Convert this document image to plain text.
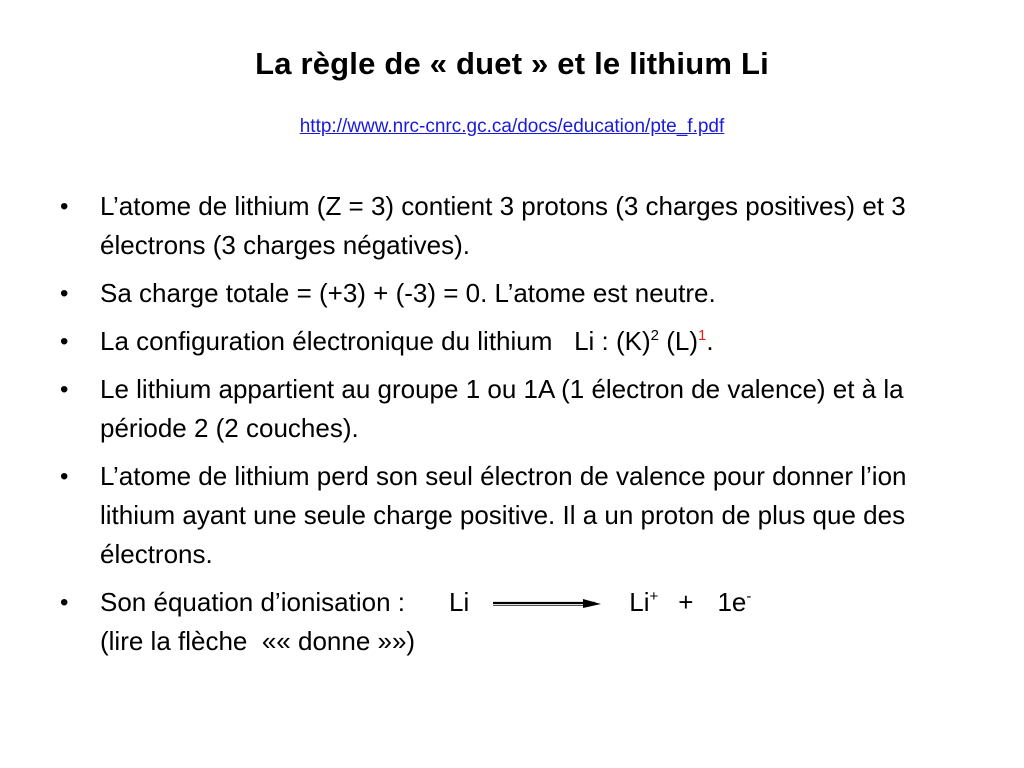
La règle de « duet » et le lithium Li
http://www.nrc-cnrc.gc.ca/docs/education/pte_f.pdf
• L’atome de lithium (Z = 3) contient 3 protons (3 charges positives) et 3 électrons (3 charges négatives).
• Sa charge totale = (+3) + (-3) = 0. L’atome est neutre.
• La configuration électronique du lithium   Li : $(K)^2$ $(L)^1$.
• Le lithium appartient au groupe 1 ou 1A (1 électron de valence) et à la période 2 (2 couches).
• L’atome de lithium perd son seul électron de valence pour donner l’ion lithium ayant une seule charge positive. Il a un proton de plus que des électrons.
• Son équation d’ionisation : Li	Li+ + 1e-
(lire la flèche  «« donne »»)
